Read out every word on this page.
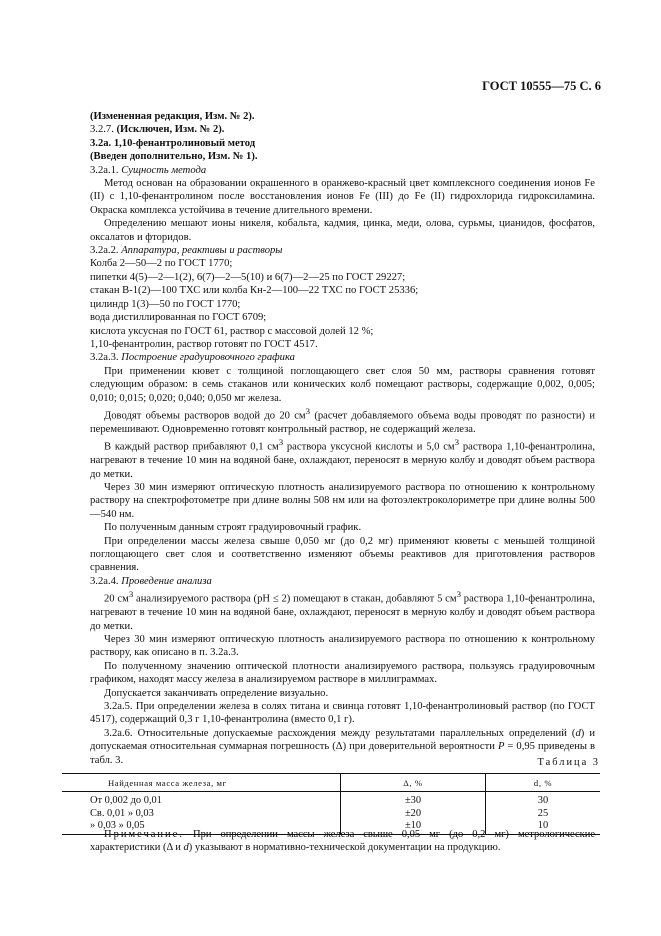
ГОСТ 10555—75 С. 6
(Измененная редакция, Изм. № 2).
3.2.7. (Исключен, Изм. № 2).
3.2а. 1,10-фенантролиновый метод
(Введен дополнительно, Изм. № 1).
3.2а.1. Сущность метода
Метод основан на образовании окрашенного в оранжево-красный цвет комплексного соединения ионов Fe (II) с 1,10-фенантролином после восстановления ионов Fe (III) до Fe (II) гидрохлорида гидроксиламина. Окраска комплекса устойчива в течение длительного времени.
Определению мешают ионы никеля, кобальта, кадмия, цинка, меди, олова, сурьмы, цианидов, фосфатов, оксалатов и фторидов.
3.2а.2. Аппаратура, реактивы и растворы
Колба 2—50—2 по ГОСТ 1770;
пипетки 4(5)—2—1(2), 6(7)—2—5(10) и 6(7)—2—25 по ГОСТ 29227;
стакан В-1(2)—100 ТХС или колба Кн-2—100—22 ТХС по ГОСТ 25336;
цилиндр 1(3)—50 по ГОСТ 1770;
вода дистиллированная по ГОСТ 6709;
кислота уксусная по ГОСТ 61, раствор с массовой долей 12 %;
1,10-фенантролин, раствор готовят по ГОСТ 4517.
3.2а.3. Построение градуировочного графика
При применении кювет с толщиной поглощающего свет слоя 50 мм, растворы сравнения готовят следующим образом: в семь стаканов или конических колб помещают растворы, содержащие 0,002, 0,005; 0,010; 0,015; 0,020; 0,040; 0,050 мг железа.
Доводят объемы растворов водой до 20 $см^3$ (расчет добавляемого объема воды проводят по разности) и перемешивают. Одновременно готовят контрольный раствор, не содержащий железа.
В каждый раствор прибавляют 0,1 $см^3$ раствора уксусной кислоты и 5,0 $см^3$ раствора 1,10-фенантролина, нагревают в течение 10 мин на водяной бане, охлаждают, переносят в мерную колбу и доводят объем раствора до метки.
Через 30 мин измеряют оптическую плотность анализируемого раствора по отношению к контрольному раствору на спектрофотометре при длине волны 508 нм или на фотоэлектроколориметре при длине волны 500—540 нм.
По полученным данным строят градуировочный график.
При определении массы железа свыше 0,050 мг (до 0,2 мг) применяют кюветы с меньшей толщиной поглощающего свет слоя и соответственно изменяют объемы реактивов для приготовления растворов сравнения.
3.2а.4. Проведение анализа
20 $см^3$ анализируемого раствора (pH ≤ 2) помещают в стакан, добавляют 5 $см^3$ раствора 1,10-фенантролина, нагревают в течение 10 мин на водяной бане, охлаждают, переносят в мерную колбу и доводят объем раствора до метки.
Через 30 мин измеряют оптическую плотность анализируемого раствора по отношению к контрольному раствору, как описано в п. 3.2а.3.
По полученному значению оптической плотности анализируемого раствора, пользуясь градуировочным графиком, находят массу железа в анализируемом растворе в миллиграммах.
Допускается заканчивать определение визуально.
3.2а.5. При определении железа в солях титана и свинца готовят 1,10-фенантролиновый раствор (по ГОСТ 4517), содержащий 0,3 г 1,10-фенантролина (вместо 0,1 г).
3.2а.6. Относительные допускаемые расхождения между результатами параллельных определений (d) и допускаемая относительная суммарная погрешность (Δ) при доверительной вероятности P = 0,95 приведены в табл. 3.	Таблица 3
Найденная масса железа, мг	Δ, %	d, %
От 0,002 до 0,01	±30	30
Св. 0,01 » 0,03	±20	25
» 0,03 » 0,05	±10	10
Примечание. При определении массы железа свыше 0,05 мг (до 0,2 мг) метрологические характеристики (Δ и d) указывают в нормативно-технической документации на продукцию.
